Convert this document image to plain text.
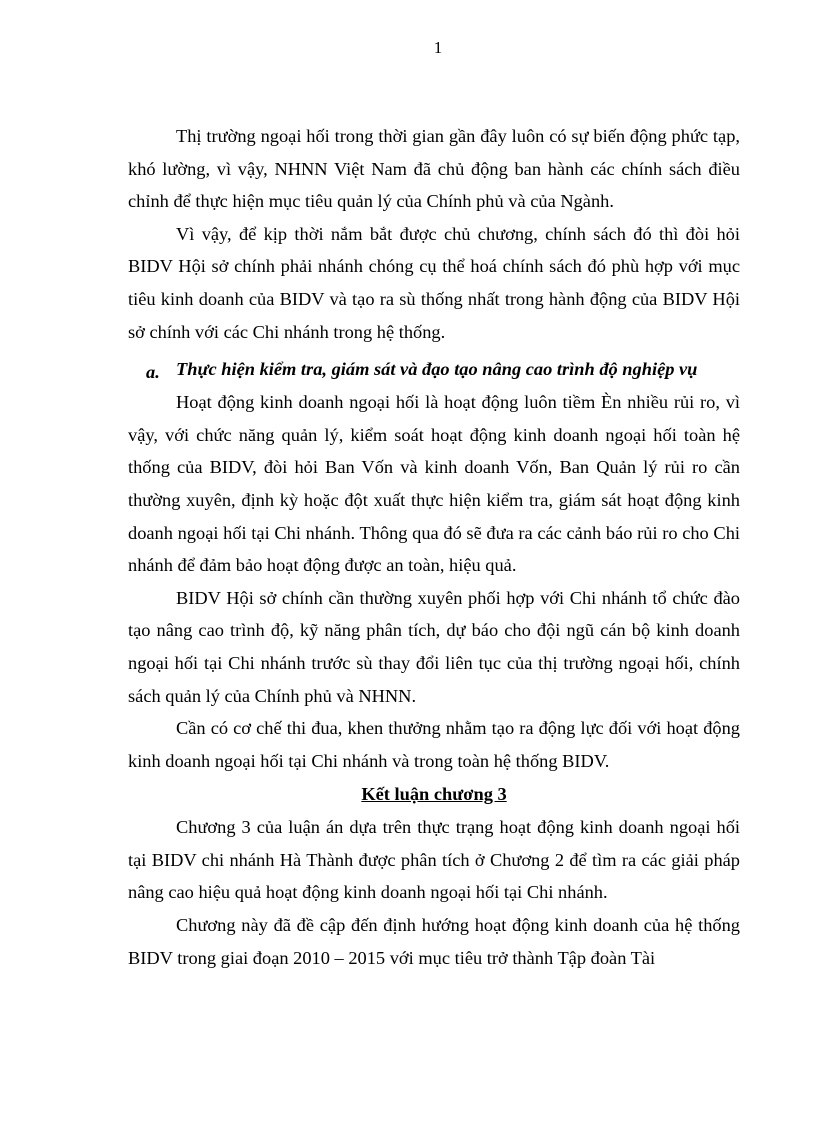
1

Thị trường ngoại hối trong thời gian gần đây luôn có sự biến động phức tạp, khó lường, vì vậy, NHNN Việt Nam đã chủ động ban hành các chính sách điều chỉnh để thực hiện mục tiêu quản lý của Chính phủ và của Ngành.

Vì vậy, để kịp thời nắm bắt được chủ chương, chính sách đó thì đòi hỏi BIDV Hội sở chính phải nhánh chóng cụ thể hoá chính sách đó phù hợp với mục tiêu kinh doanh của BIDV và tạo ra sù thống nhất trong hành động của BIDV Hội sở chính với các Chi nhánh trong hệ thống.

a. Thực hiện kiểm tra, giám sát và đạo tạo nâng cao trình độ nghiệp vụ

Hoạt động kinh doanh ngoại hối là hoạt động luôn tiềm Èn nhiều rủi ro, vì vậy, với chức năng quản lý, kiểm soát hoạt động kinh doanh ngoại hối toàn hệ thống của BIDV, đòi hỏi Ban Vốn và kinh doanh Vốn, Ban Quản lý rủi ro cần thường xuyên, định kỳ hoặc đột xuất thực hiện kiểm tra, giám sát hoạt động kinh doanh ngoại hối tại Chi nhánh. Thông qua đó sẽ đưa ra các cảnh báo rủi ro cho Chi nhánh để đảm bảo hoạt động được an toàn, hiệu quả.

BIDV Hội sở chính cần thường xuyên phối hợp với Chi nhánh tổ chức đào tạo nâng cao trình độ, kỹ năng phân tích, dự báo cho đội ngũ cán bộ kinh doanh ngoại hối tại Chi nhánh trước sù thay đổi liên tục của thị trường ngoại hối, chính sách quản lý của Chính phủ và NHNN.

Cần có cơ chế thi đua, khen thưởng nhằm tạo ra động lực đối với hoạt động kinh doanh ngoại hối tại Chi nhánh và trong toàn hệ thống BIDV.

Kết luận chương 3

Chương 3 của luận án dựa trên thực trạng hoạt động kinh doanh ngoại hối tại BIDV chi nhánh Hà Thành được phân tích ở Chương 2 để tìm ra các giải pháp nâng cao hiệu quả hoạt động kinh doanh ngoại hối tại Chi nhánh.

Chương này đã đề cập đến định hướng hoạt động kinh doanh của hệ thống BIDV trong giai đoạn 2010 – 2015 với mục tiêu trở thành Tập đoàn Tài
